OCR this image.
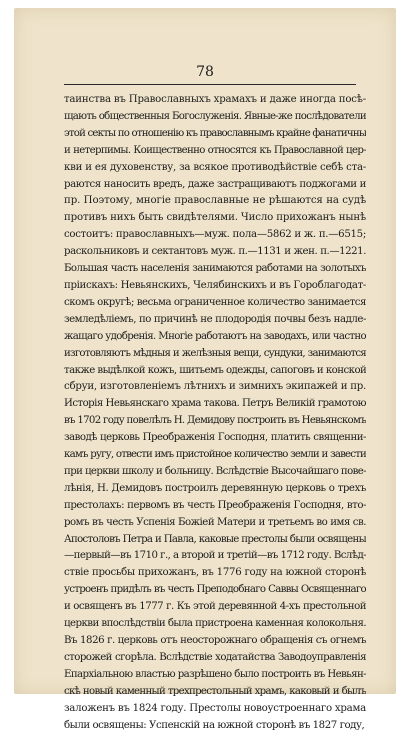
78
таинства въ Православныхъ храмахъ и даже иногда посѣ-
щають общественныя Богослуженія. Явные-же послѣдователи
этой секты по отношенію къ православнымъ крайне фанатичны
и нетерпимы. Коищественно относятся къ Православной цер-
кви и ея духовенству, за всякое противодѣйствіе себѣ ста-
раются наносить вредъ, даже застращиваютъ поджогами и
пр. Поэтому, многіе православные не рѣшаются на судѣ
противъ нихъ быть свидѣтелями. Число прихожанъ нынѣ
состоитъ: православныхъ—муж. пола—5862 и ж. п.—6515;
раскольниковъ и сектантовъ муж. п.—1131 и жен. п.—1221.
Большая часть населенія занимаются работами на золотыхъ
пріискахъ: Невьянскихъ, Челябинскихъ и въ Гороблагодат-
скомъ округѣ; весьма ограниченное количество занимается
земледѣліемъ, по причинѣ не плодородія почвы безъ надле-
жащаго удобренія. Многіе работаютъ на заводахъ, или частно
изготовляютъ мѣдныя и желѣзныя вещи, сундуки, занимаются
также выдѣлкой кожъ, шитьемъ одежды, сапоговъ и конской
сбруи, изготовленіемъ лѣтнихъ и зимнихъ экипажей и пр.
Исторія Невьянскаго храма такова. Петръ Великій грамотою
въ 1702 году повелѣлъ Н. Демидову построить въ Невьянскомъ
заводѣ церковь Преображенія Господня, платить священни-
камъ ругу, отвести имъ пристойное количество земли и завести
при церкви школу и больницу. Вслѣдствіе Высочайшаго пове-
лѣнія, Н. Демидовъ построилъ деревянную церковь о трехъ
престолахъ: первомъ въ честь Преображенія Господня, вто-
ромъ въ честь Успенія Божіей Матери и третьемъ во имя св.
Апостоловъ Петра и Павла, каковые престолы были освящены
—первый—въ 1710 г., а второй и третій—въ 1712 году. Вслѣд-
ствіе просьбы прихожанъ, въ 1776 году на южной сторонѣ
устроенъ придѣлъ въ честь Преподобнаго Саввы Освященнаго
и освященъ въ 1777 г. Къ этой деревянной 4-хъ престольной
церкви впослѣдствіи была пристроена каменная колокольня.
Въ 1826 г. церковь отъ неосторожнаго обращенія съ огнемъ
сторожей сгорѣла. Вслѣдствіе ходатайства Заводоуправленія
Епархіальною властью разрѣшено было построить въ Невьян-
скѣ новый каменный трехпрестольный храмъ, каковый и былъ
заложенъ въ 1824 году. Престолы новоустроеннаго храма
были освящены: Успенскій на южной сторонѣ въ 1827 году,
